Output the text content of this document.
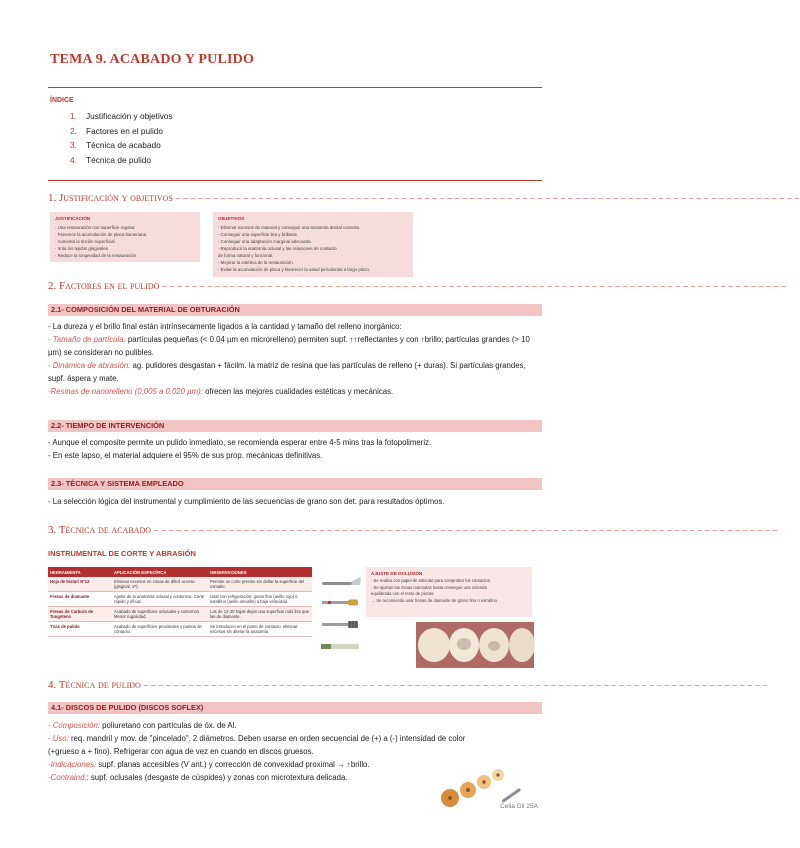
TEMA 9. ACABADO Y PULIDO
ÍNDICE
1. Justificación y objetivos
2. Factores en el pulido
3. Técnica de acabado
4. Técnica de pulido
1. Justificación y objetivos – – – – – – – – – – – – – – – – – – – – – – – – – – – – – – – – – – – – – – – – – – – – – – – – – – – – – – – – – – – – – – – – – – – – – – – – – – – – – – – – – – –
JUSTIFICACIÓN
- Una restauración con superficie rugosa:
· Favorece la acumulación de placa bacteriana
· Aumenta la tinción superficial
· Irrita los tejidos gingivales
· Reduce la longevidad de la restauración
OBJETIVOS
- Eliminar excesos de material y conseguir una anatomía dental correcta.
- Conseguir una superficie lisa y brillante.
- Conseguir una adaptación marginal adecuada.
- Reproducir la anatomía oclusal y las relaciones de contacto
de forma natural y funcional.
- Mejorar la estética de la restauración.
- Evitar la acumulación de placa y favorecer la salud periodontal a largo plazo.
2. Factores en el pulido – – – – – – – – – – – – – – – – – – – – – – – – – – – – – – – – – – – – – – – – – – – – – – – – – – – – – – – – – – – – – – – – – – – – – – – – – – – – – – – – – – –
2.1- COMPOSICIÓN DEL MATERIAL DE OBTURACIÓN

- La dureza y el brillo final están intrínsecamente ligados a la cantidad y tamaño del relleno inorgánico:

- Tamaño de partícula: partículas pequeñas (< 0.04 µm en microrelleno) permiten supf. ↑↑reflectantes y con ↑brillo; partículas grandes (> 10 µm) se consideran no pulibles.

- Dinámica de abrasión: ag. pulidores desgastan + fácilm. la matriz de resina que las partículas de relleno (+ duras). Si partículas grandes, supf. áspera y mate.

-Resinas de nanorelleno (0,005 a 0.020 µm): ofrecen las mejores cualidades estéticas y mecánicas.

2.2- TIEMPO DE INTERVENCIÓN

- Aunque el composite permite un pulido inmediato, se recomienda esperar entre 4-5 mins tras la fotopolimeriz.

- En este lapso, el material adquiere el 95% de sus prop. mecánicas definitivas.

2.3- TÉCNICA Y SISTEMA EMPLEADO

- La selección lógica del instrumental y cumplimiento de las secuencias de grano son det. para resultados óptimos.

3. Técnica de acabado – – – – – – – – – – – – – – – – – – – – – – – – – – – – – – – – – – – – – – – – – – – – – – – – – – – – – – – – – – – – – – – – – – – – – – – – – – – – – – – – – – –
INSTRUMENTAL DE CORTE Y ABRASIÓN
HERRAMIENTA	APLICACIÓN ESPECÍFICA	OBSERVACIONES
Hoja de bisturí Nº12	Eliminar excesos en zonas de difícil acceso (gingival, Vº).	Permite un corte preciso sin dañar la superficie del esmalte.
Fresas de diamante	Ajuste de la anatomía oclusal y contornos. Corte rápido y eficaz.	Usar con refrigeración; grano fino (anillo rojo) o extrafino (anillo amarillo) a baja velocidad.
Fresas de Carburo de Tungsteno	Acabado de superficies oclusales y contornos. Menor rugosidad.	Las de 12-30 hojas dejan una superficie más lisa que las de diamante.
Tiras de pulido	Acabado de superficies proximales y puntos de contacto.	Se introducen en el punto de contacto; eliminar excesos sin alterar la anatomía.
AJUSTE DE OCLUSIÓN
- Se realiza con papel de articular para comprobar los contactos.
- Se ajustan las zonas marcadas hasta conseguir una oclusión
equilibrada con el resto de piezas.
→ Se recomienda usar fresas de diamante de grano fino o extrafino.
4. Técnica de pulido – – – – – – – – – – – – – – – – – – – – – – – – – – – – – – – – – – – – – – – – – – – – – – – – – – – – – – – – – – – – – – – – – – – – – – – – – – – – – – – – – – –
4.1- DISCOS DE PULIDO (DISCOS SOFLEX)

- Composición: poliuretano con partículas de óx. de Al.

- Uso: req. mandril y mov. de "pincelado". 2 diámetros. Deben usarse en orden secuencial de (+) a (-) intensidad de color (+grueso a + fino). Refrigerar con agua de vez en cuando en discos gruesos.

-Indicaciones: supf. planas accesibles (V ant.) y corrección de convexidad proximal → ↑brillo.

-Contraind.: supf. oclusales (desgaste de cúspides) y zonas con microtextura delicada.

Celia Gil 25A
